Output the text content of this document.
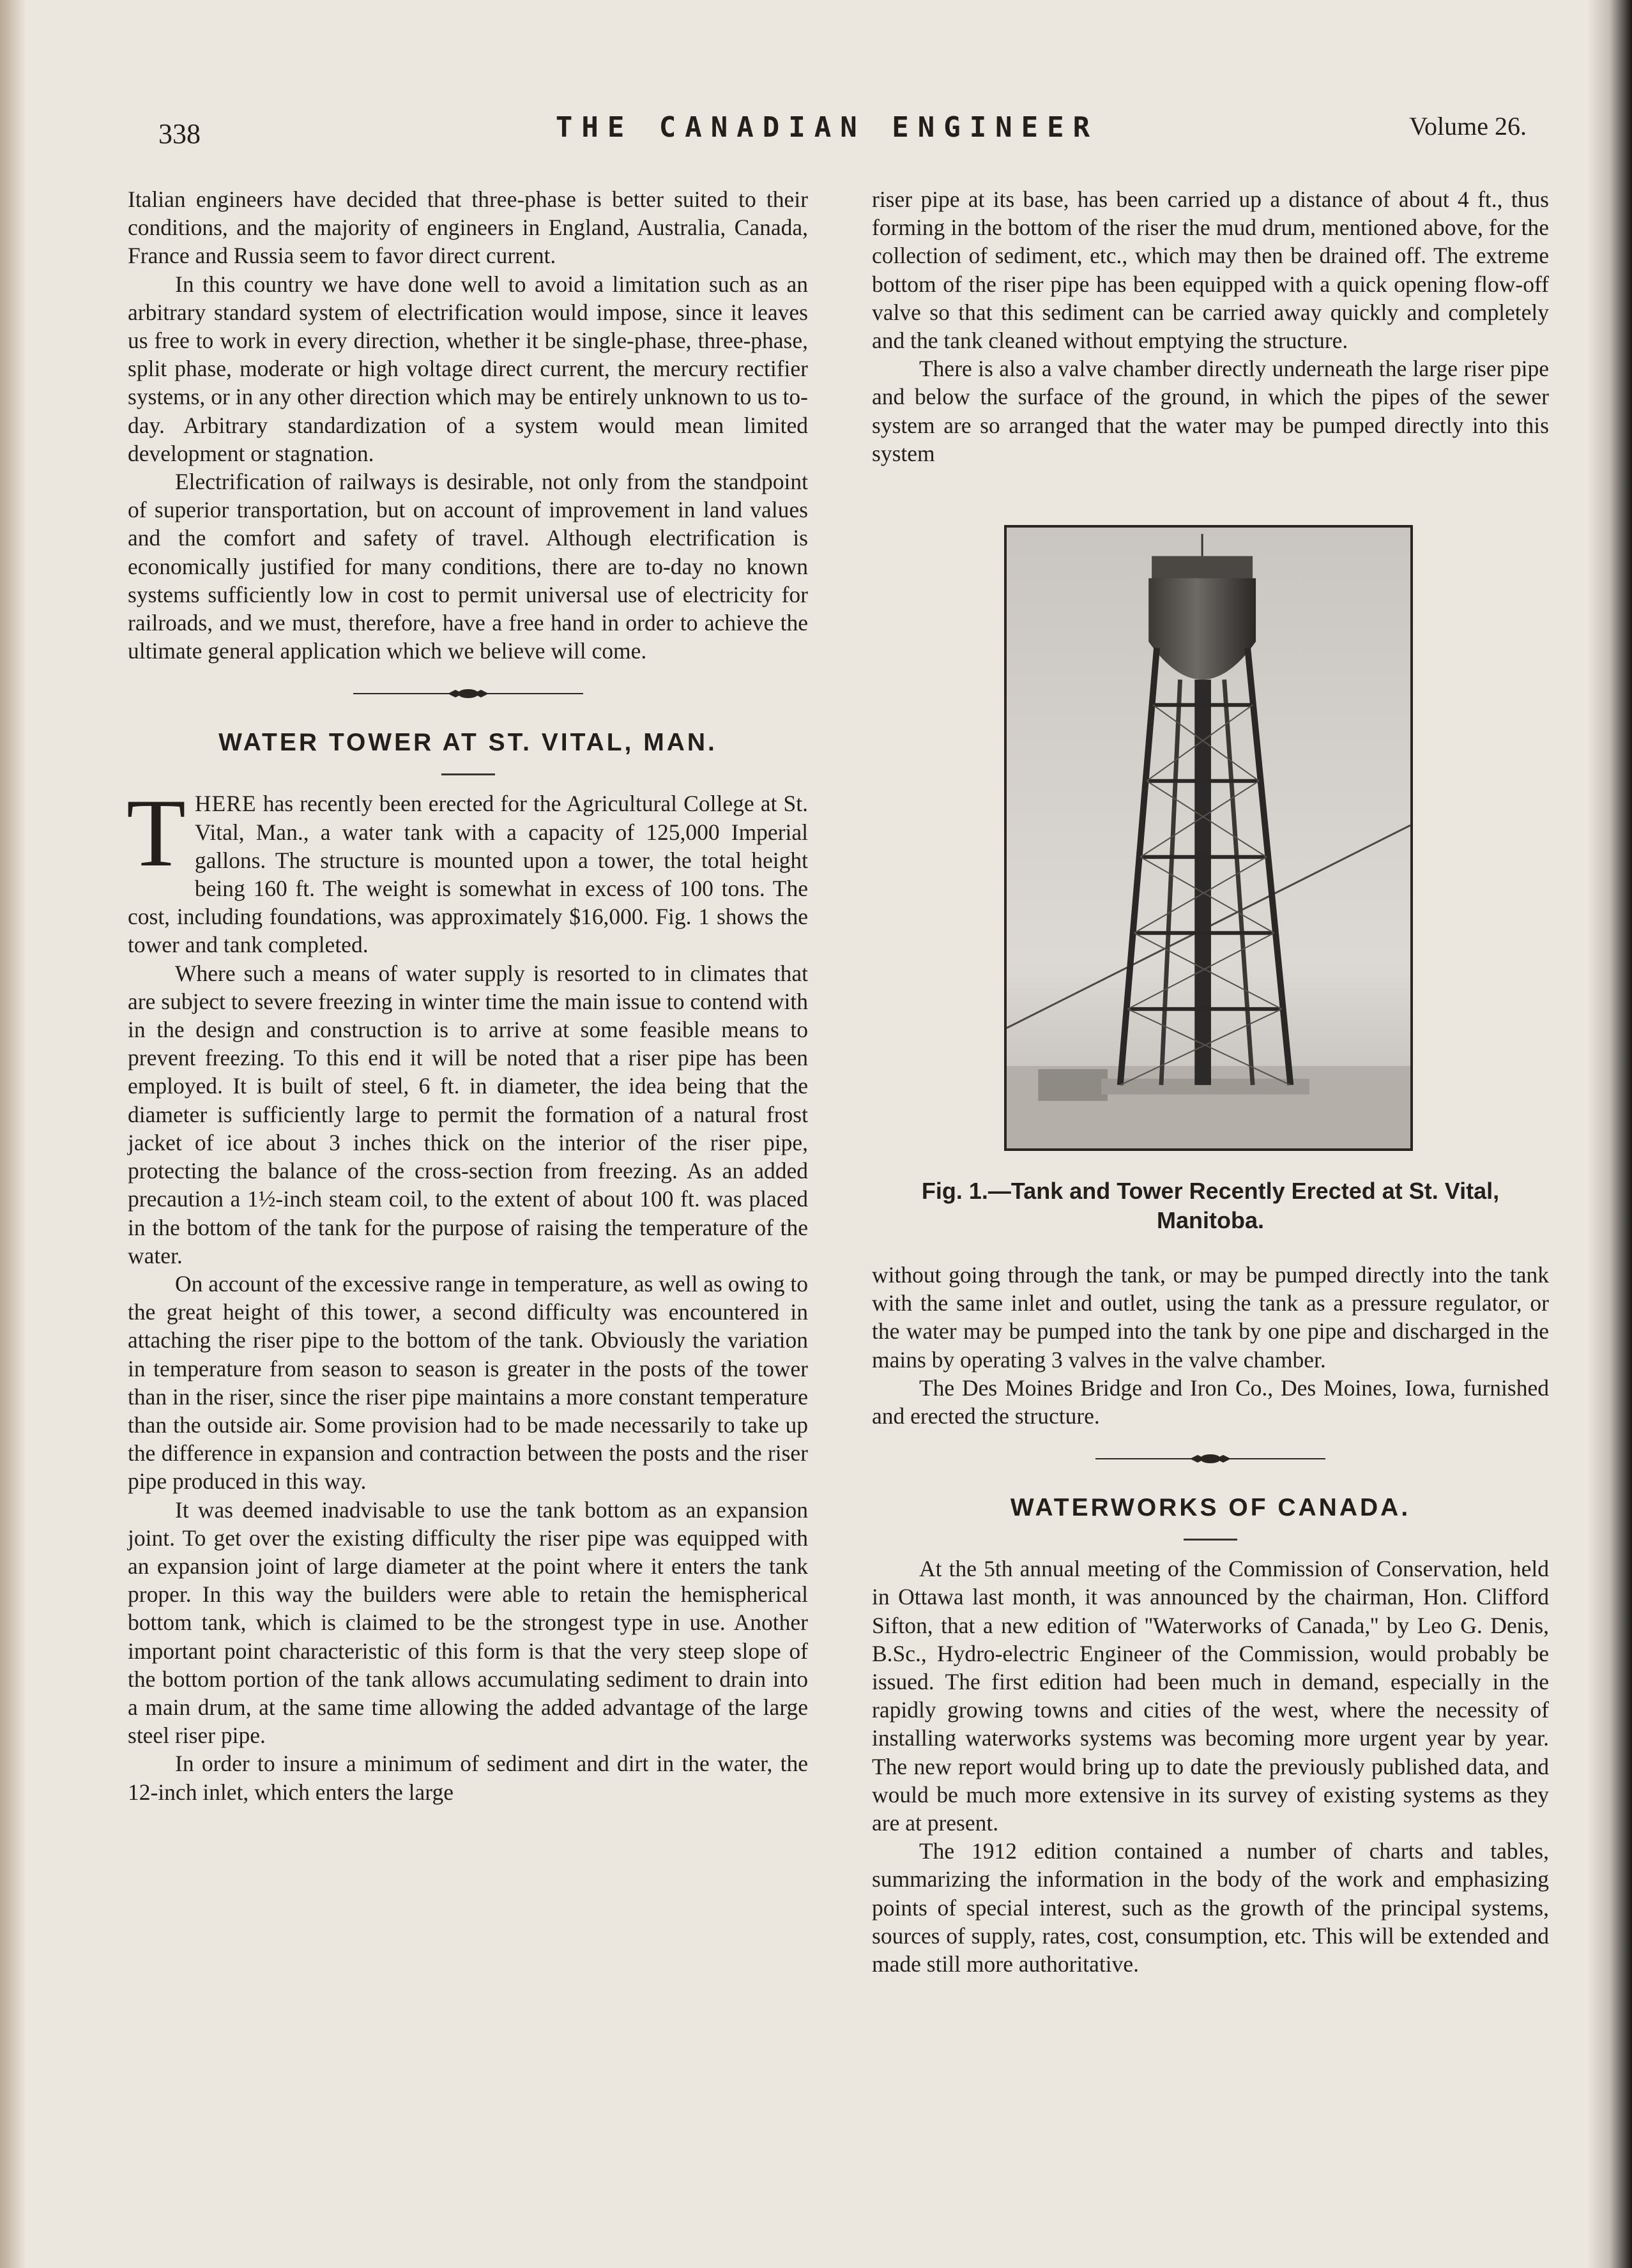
338	THE CANADIAN ENGINEER	Volume 26.

Italian engineers have decided that three-phase is better suited to their conditions, and the majority of engineers in England, Australia, Canada, France and Russia seem to favor direct current.

In this country we have done well to avoid a limitation such as an arbitrary standard system of electrification would impose, since it leaves us free to work in every direction, whether it be single-phase, three-phase, split phase, moderate or high voltage direct current, the mercury rectifier systems, or in any other direction which may be entirely unknown to us to-day. Arbitrary standardization of a system would mean limited development or stagnation.

Electrification of railways is desirable, not only from the standpoint of superior transportation, but on account of improvement in land values and the comfort and safety of travel. Although electrification is economically justified for many conditions, there are to-day no known systems sufficiently low in cost to permit universal use of electricity for railroads, and we must, therefore, have a free hand in order to achieve the ultimate general application which we believe will come.

WATER TOWER AT ST. VITAL, MAN.

THERE has recently been erected for the Agricultural College at St. Vital, Man., a water tank with a capacity of 125,000 Imperial gallons. The structure is mounted upon a tower, the total height being 160 ft. The weight is somewhat in excess of 100 tons. The cost, including foundations, was approximately $16,000. Fig. 1 shows the tower and tank completed.

Where such a means of water supply is resorted to in climates that are subject to severe freezing in winter time the main issue to contend with in the design and construction is to arrive at some feasible means to prevent freezing. To this end it will be noted that a riser pipe has been employed. It is built of steel, 6 ft. in diameter, the idea being that the diameter is sufficiently large to permit the formation of a natural frost jacket of ice about 3 inches thick on the interior of the riser pipe, protecting the balance of the cross-section from freezing. As an added precaution a 1½-inch steam coil, to the extent of about 100 ft. was placed in the bottom of the tank for the purpose of raising the temperature of the water.

On account of the excessive range in temperature, as well as owing to the great height of this tower, a second difficulty was encountered in attaching the riser pipe to the bottom of the tank. Obviously the variation in temperature from season to season is greater in the posts of the tower than in the riser, since the riser pipe maintains a more constant temperature than the outside air. Some provision had to be made necessarily to take up the difference in expansion and contraction between the posts and the riser pipe produced in this way.

It was deemed inadvisable to use the tank bottom as an expansion joint. To get over the existing difficulty the riser pipe was equipped with an expansion joint of large diameter at the point where it enters the tank proper. In this way the builders were able to retain the hemispherical bottom tank, which is claimed to be the strongest type in use. Another important point characteristic of this form is that the very steep slope of the bottom portion of the tank allows accumulating sediment to drain into a main drum, at the same time allowing the added advantage of the large steel riser pipe.

In order to insure a minimum of sediment and dirt in the water, the 12-inch inlet, which enters the large

riser pipe at its base, has been carried up a distance of about 4 ft., thus forming in the bottom of the riser the mud drum, mentioned above, for the collection of sediment, etc., which may then be drained off. The extreme bottom of the riser pipe has been equipped with a quick opening flow-off valve so that this sediment can be carried away quickly and completely and the tank cleaned without emptying the structure.

There is also a valve chamber directly underneath the large riser pipe and below the surface of the ground, in which the pipes of the sewer system are so arranged that the water may be pumped directly into this system

Fig. 1.—Tank and Tower Recently Erected at St. Vital, Manitoba.

without going through the tank, or may be pumped directly into the tank with the same inlet and outlet, using the tank as a pressure regulator, or the water may be pumped into the tank by one pipe and discharged in the mains by operating 3 valves in the valve chamber.

The Des Moines Bridge and Iron Co., Des Moines, Iowa, furnished and erected the structure.

WATERWORKS OF CANADA.

At the 5th annual meeting of the Commission of Conservation, held in Ottawa last month, it was announced by the chairman, Hon. Clifford Sifton, that a new edition of ''Waterworks of Canada,'' by Leo G. Denis, B.Sc., Hydro-electric Engineer of the Commission, would probably be issued. The first edition had been much in demand, especially in the rapidly growing towns and cities of the west, where the necessity of installing waterworks systems was becoming more urgent year by year. The new report would bring up to date the previously published data, and would be much more extensive in its survey of existing systems as they are at present.

The 1912 edition contained a number of charts and tables, summarizing the information in the body of the work and emphasizing points of special interest, such as the growth of the principal systems, sources of supply, rates, cost, consumption, etc. This will be extended and made still more authoritative.
